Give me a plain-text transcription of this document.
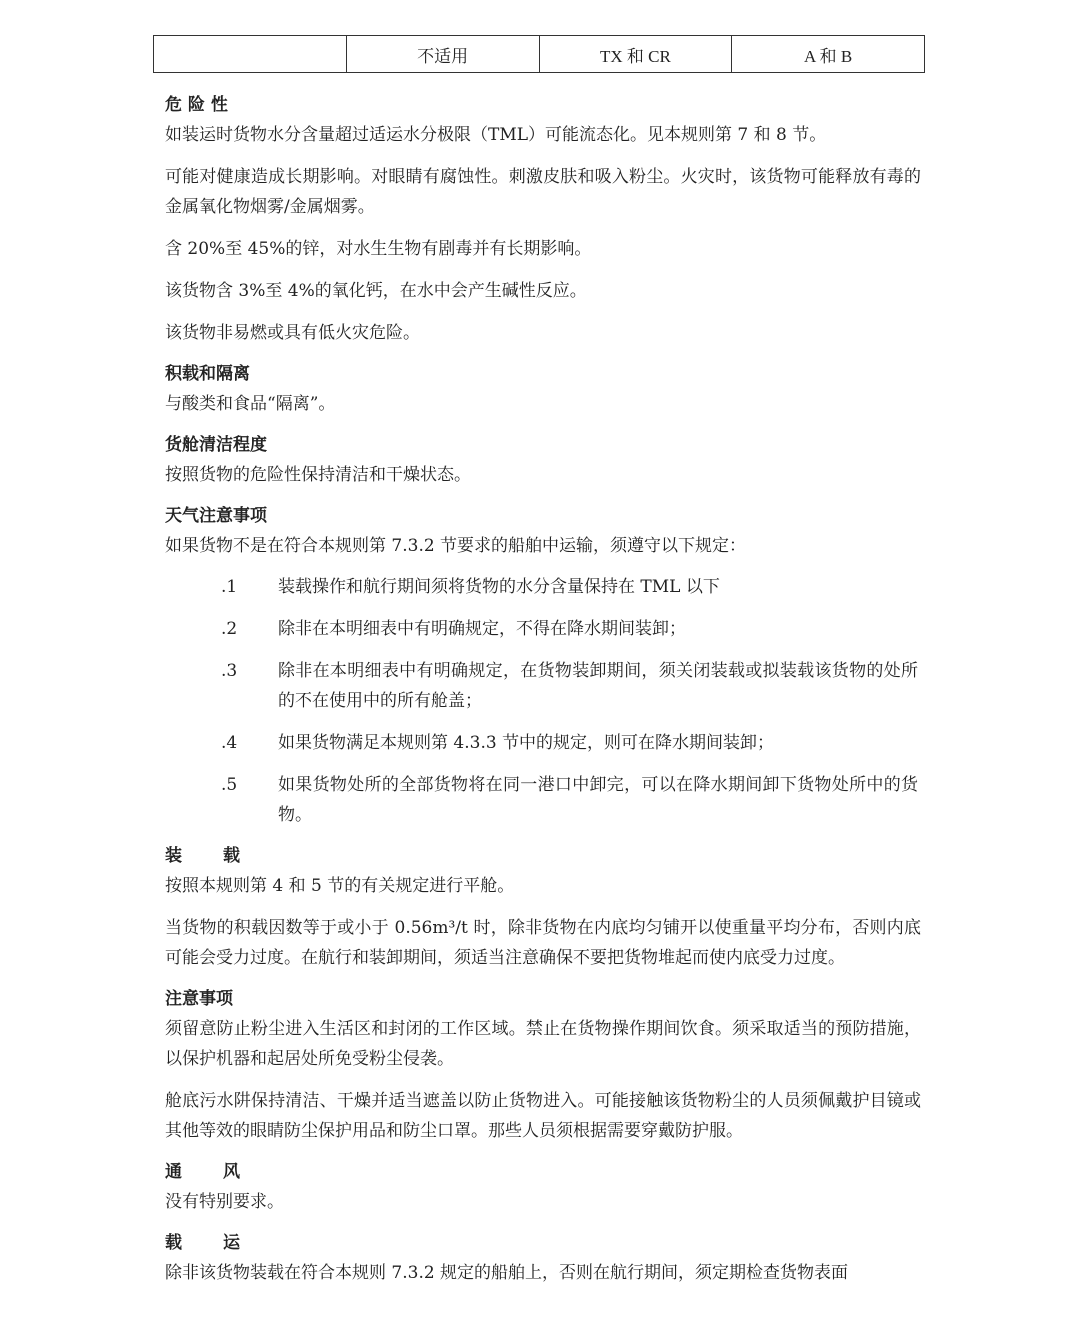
	不适用	TX 和 CR	A 和 B
危 险 性

如装运时货物水分含量超过适运水分极限（TML）可能流态化。见本规则第 7 和 8 节。

可能对健康造成长期影响。对眼睛有腐蚀性。刺激皮肤和吸入粉尘。火灾时，该货物可能释放有毒的金属氧化物烟雾/金属烟雾。

含 20%至 45%的锌，对水生生物有剧毒并有长期影响。

该货物含 3%至 4%的氧化钙，在水中会产生碱性反应。

该货物非易燃或具有低火灾危险。

积载和隔离

与酸类和食品“隔离”。

货舱清洁程度

按照货物的危险性保持清洁和干燥状态。

天气注意事项

如果货物不是在符合本规则第 7.3.2 节要求的船舶中运输，须遵守以下规定：

.1	装载操作和航行期间须将货物的水分含量保持在 TML 以下
.2	除非在本明细表中有明确规定，不得在降水期间装卸；
.3	除非在本明细表中有明确规定，在货物装卸期间，须关闭装载或拟装载该货物的处所的不在使用中的所有舱盖；
.4	如果货物满足本规则第 4.3.3 节中的规定，则可在降水期间装卸；
.5	如果货物处所的全部货物将在同一港口中卸完，可以在降水期间卸下货物处所中的货物。
装 载

按照本规则第 4 和 5 节的有关规定进行平舱。

当货物的积载因数等于或小于 0.56m³/t 时，除非货物在内底均匀铺开以使重量平均分布，否则内底可能会受力过度。在航行和装卸期间，须适当注意确保不要把货物堆起而使内底受力过度。

注意事项

须留意防止粉尘进入生活区和封闭的工作区域。禁止在货物操作期间饮食。须采取适当的预防措施，以保护机器和起居处所免受粉尘侵袭。

舱底污水阱保持清洁、干燥并适当遮盖以防止货物进入。可能接触该货物粉尘的人员须佩戴护目镜或其他等效的眼睛防尘保护用品和防尘口罩。那些人员须根据需要穿戴防护服。

通 风

没有特别要求。

载 运

除非该货物装载在符合本规则 7.3.2 规定的船舶上，否则在航行期间，须定期检查货物表面
